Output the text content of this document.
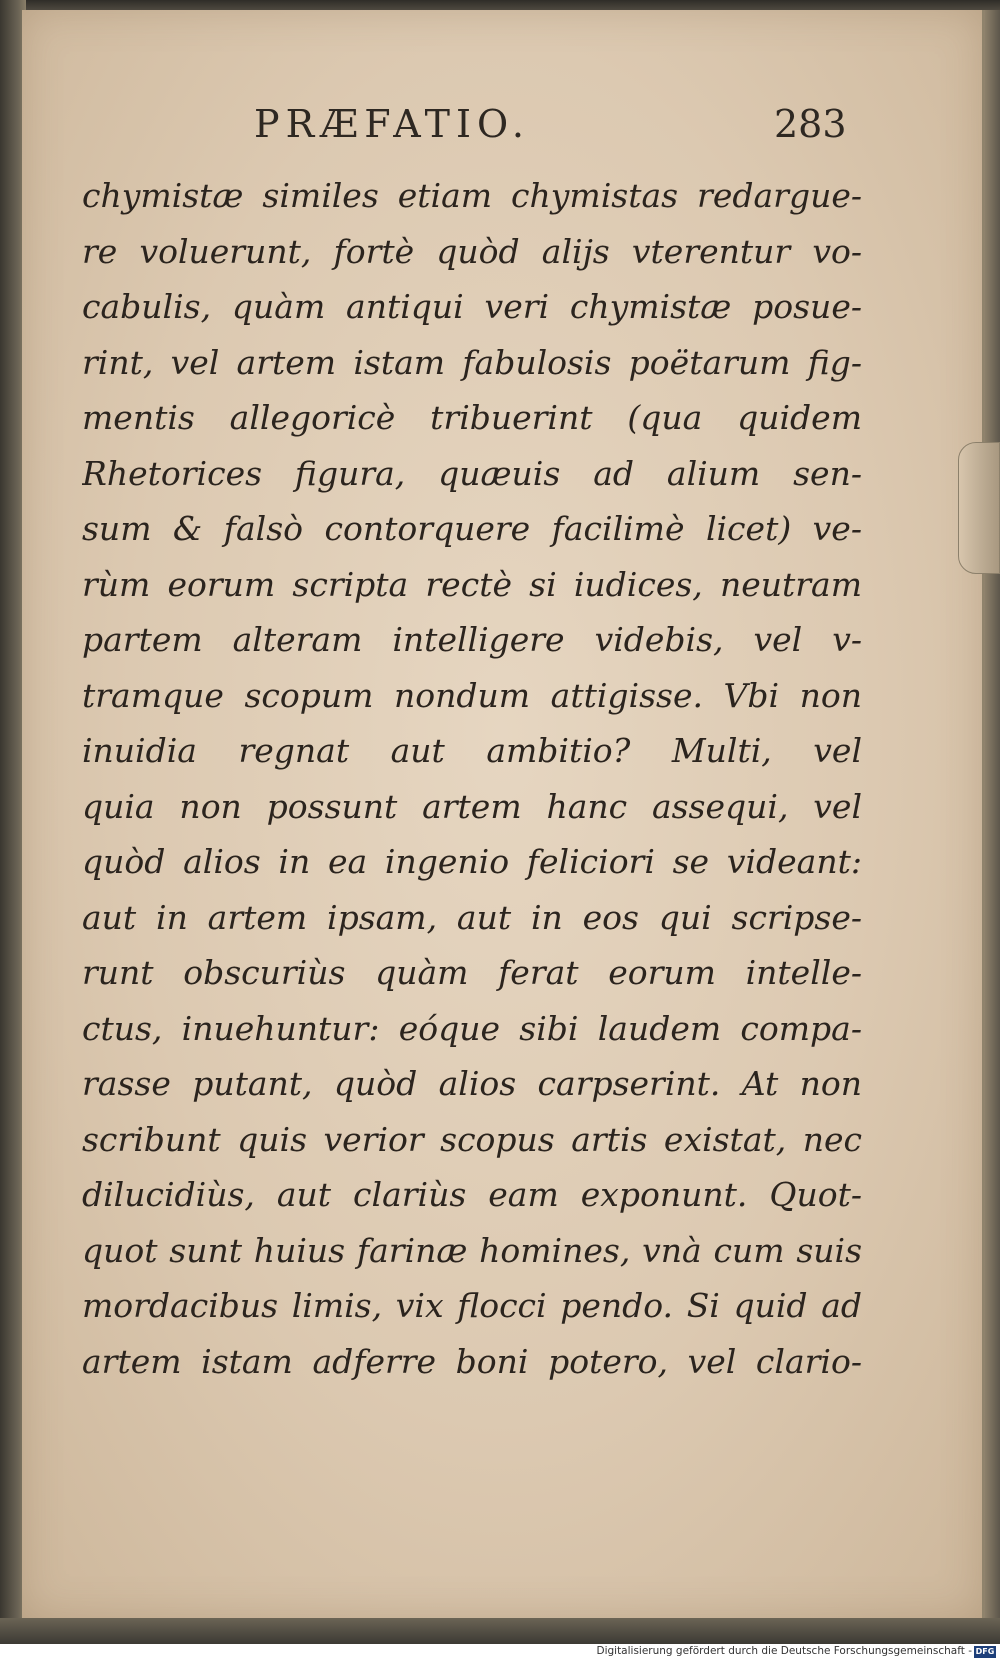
PRÆFATIO.	283
chymistæ similes etiam chymistas redargue-
re voluerunt, fortè quòd alijs vterentur vo-
cabulis, quàm antiqui veri chymistæ posue-
rint, vel artem istam fabulosis poëtarum fig-
mentis allegoricè tribuerint (qua quidem
Rhetorices figura, quæuis ad alium sen-
sum & falsò contorquere facilimè licet) ve-
rùm eorum scripta rectè si iudices, neutram
partem alteram intelligere videbis, vel v-
tramque scopum nondum attigisse. Vbi non
inuidia regnat aut ambitio? Multi, vel
quia non possunt artem hanc assequi, vel
quòd alios in ea ingenio feliciori se videant:
aut in artem ipsam, aut in eos qui scripse-
runt obscuriùs quàm ferat eorum intelle-
ctus, inuehuntur: eóque sibi laudem compa-
rasse putant, quòd alios carpserint. At non
scribunt quis verior scopus artis existat, nec
dilucidiùs, aut clariùs eam exponunt. Quot-
quot sunt huius farinæ homines, vnà cum suis
mordacibus limis, vix flocci pendo. Si quid ad
artem istam adferre boni potero, vel clario-
Digitalisierung gefördert durch die Deutsche Forschungsgemeinschaft - DFG
